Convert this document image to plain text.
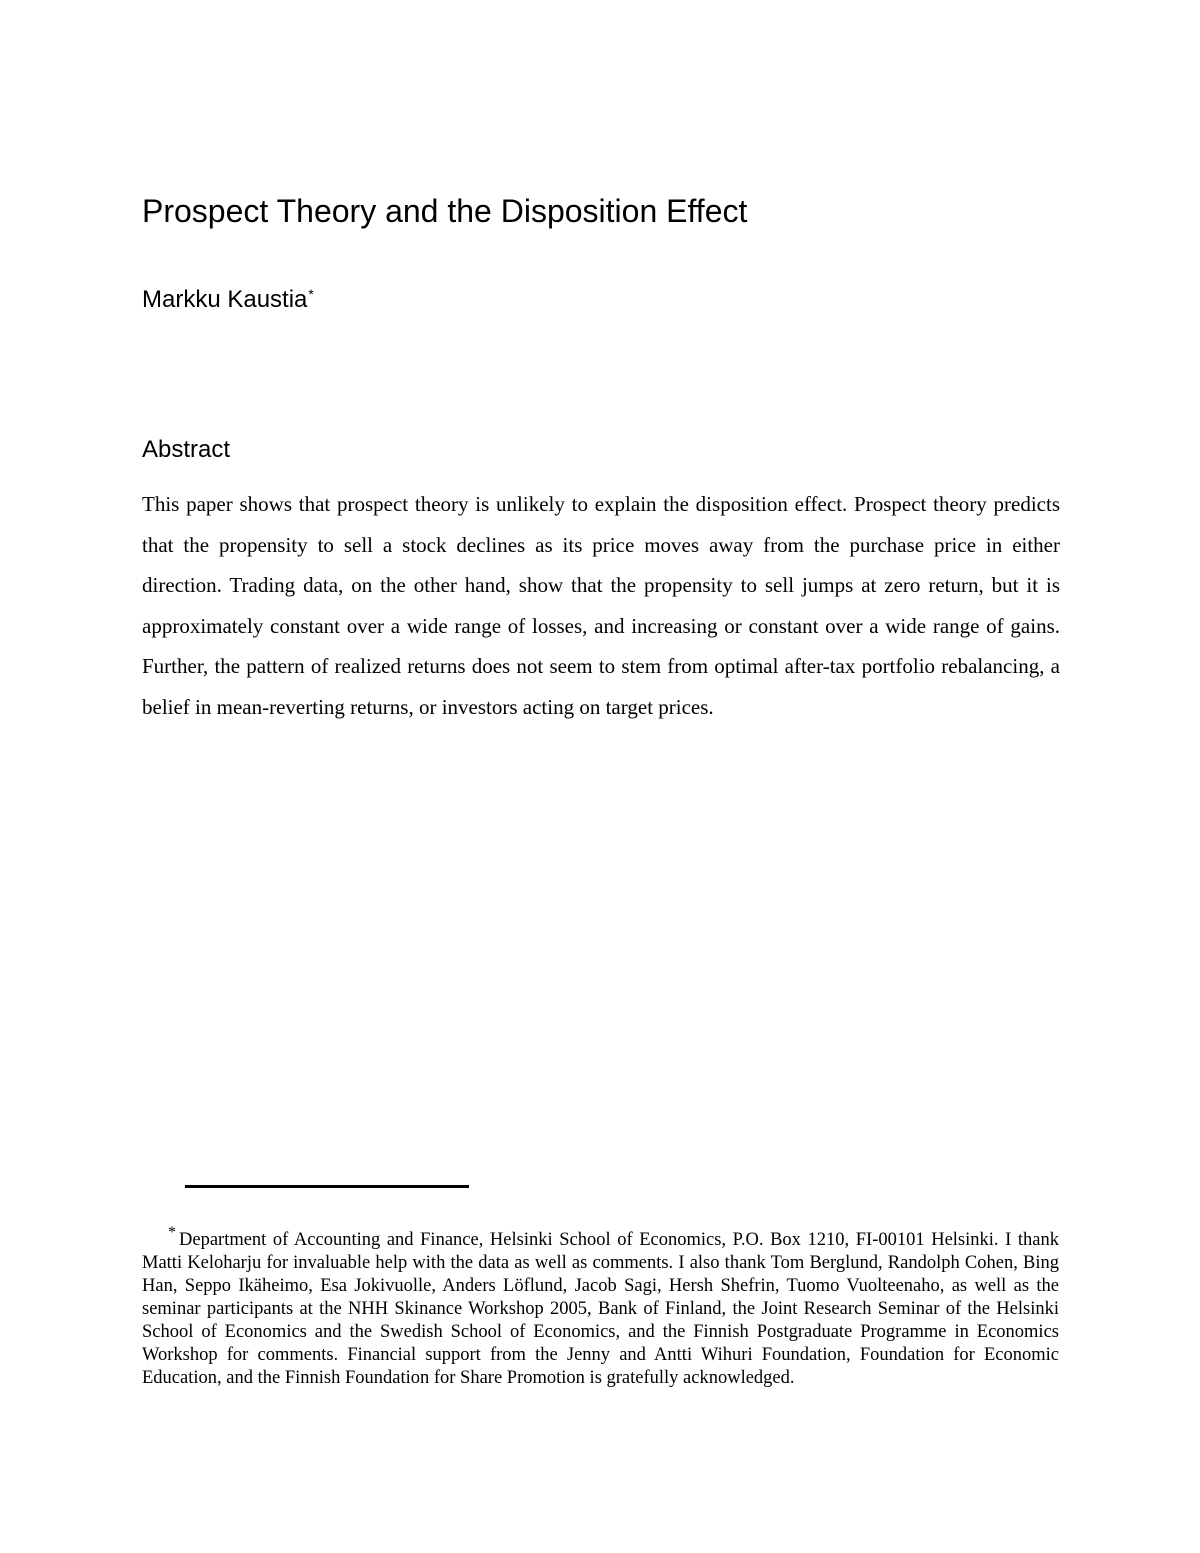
Prospect Theory and the Disposition Effect
Markku Kaustia*
Abstract

This paper shows that prospect theory is unlikely to explain the disposition effect. Prospect theory predicts that the propensity to sell a stock declines as its price moves away from the purchase price in either direction. Trading data, on the other hand, show that the propensity to sell jumps at zero return, but it is approximately constant over a wide range of losses, and increasing or constant over a wide range of gains. Further, the pattern of realized returns does not seem to stem from optimal after-tax portfolio rebalancing, a belief in mean-reverting returns, or investors acting on target prices.

* Department of Accounting and Finance, Helsinki School of Economics, P.O. Box 1210, FI-00101 Helsinki. I thank Matti Keloharju for invaluable help with the data as well as comments. I also thank Tom Berglund, Randolph Cohen, Bing Han, Seppo Ikäheimo, Esa Jokivuolle, Anders Löflund, Jacob Sagi, Hersh Shefrin, Tuomo Vuolteenaho, as well as the seminar participants at the NHH Skinance Workshop 2005, Bank of Finland, the Joint Research Seminar of the Helsinki School of Economics and the Swedish School of Economics, and the Finnish Postgraduate Programme in Economics Workshop for comments. Financial support from the Jenny and Antti Wihuri Foundation, Foundation for Economic Education, and the Finnish Foundation for Share Promotion is gratefully acknowledged.
